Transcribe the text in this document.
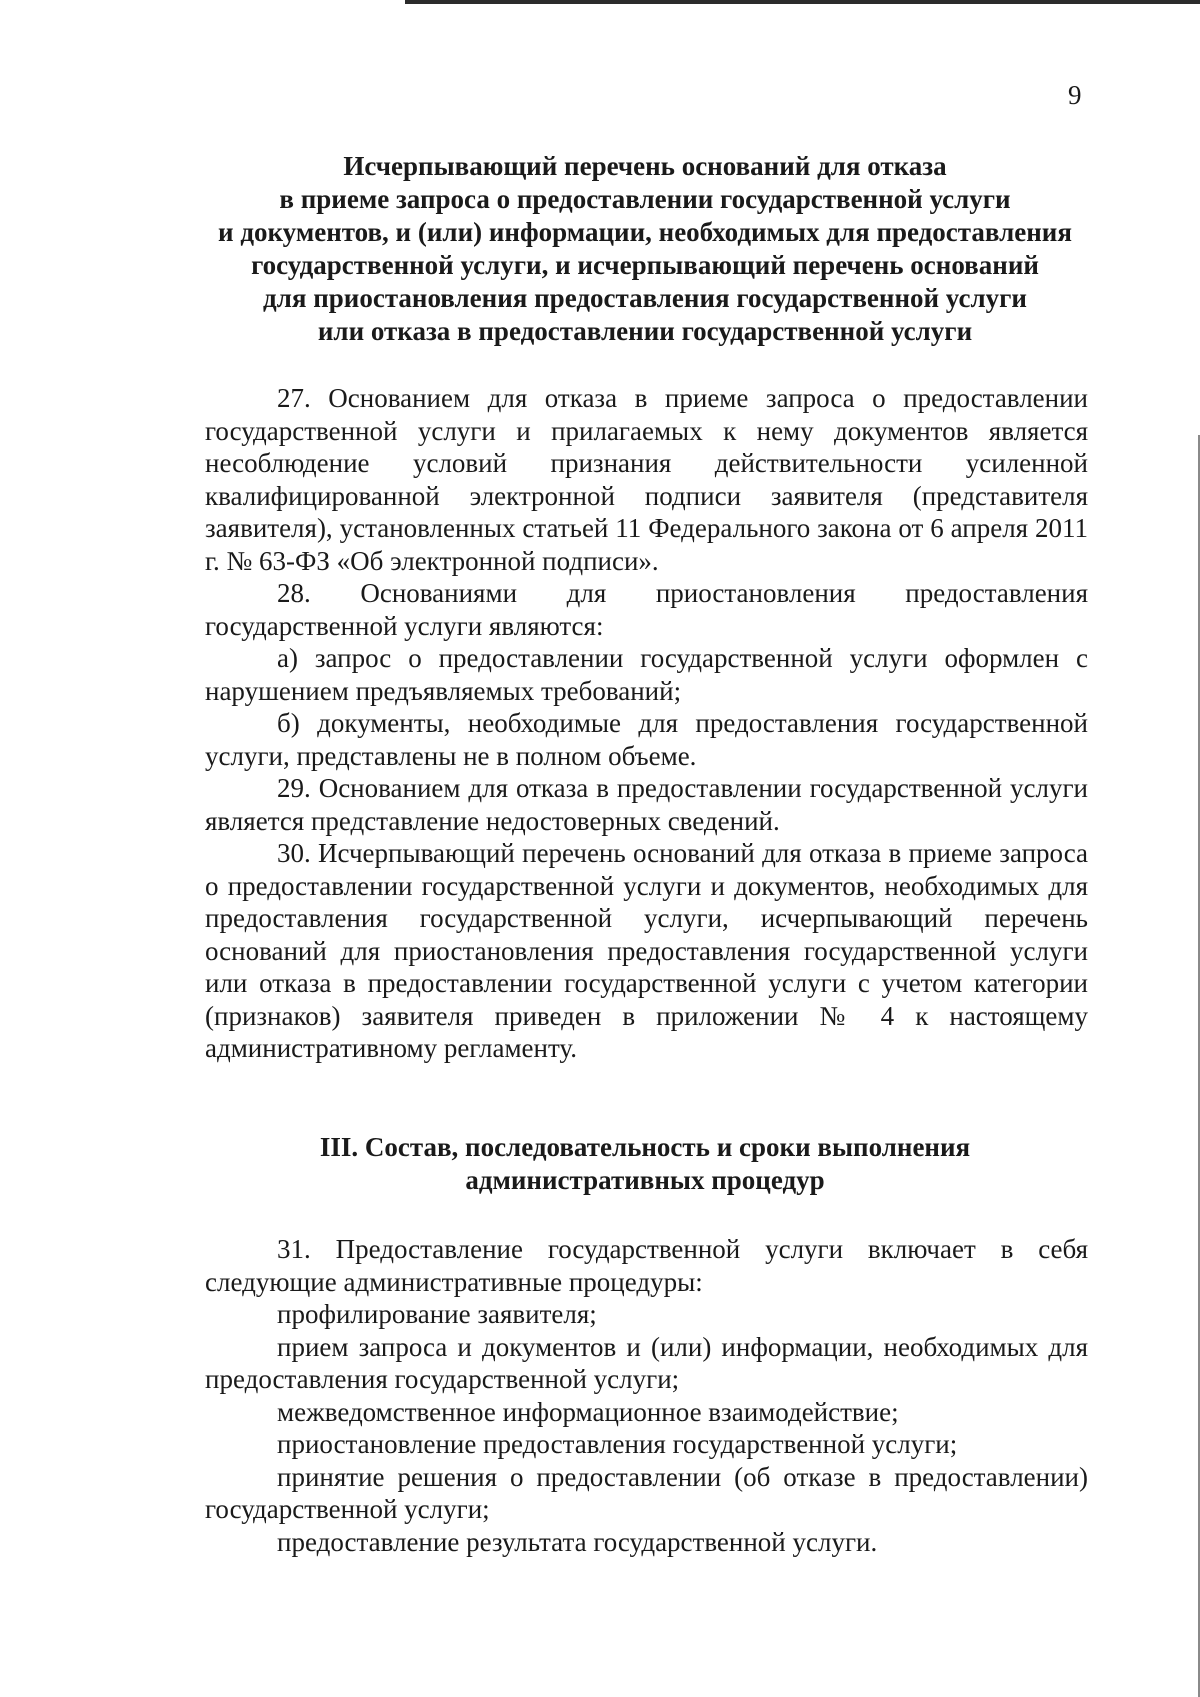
9
Исчерпывающий перечень оснований для отказа
в приеме запроса о предоставлении государственной услуги
и документов, и (или) информации, необходимых для предоставления
государственной услуги, и исчерпывающий перечень оснований
для приостановления предоставления государственной услуги
или отказа в предоставлении государственной услуги

27. Основанием для отказа в приеме запроса о предоставлении государственной услуги и прилагаемых к нему документов является несоблюдение условий признания действительности усиленной квалифицированной электронной подписи заявителя (представителя заявителя), установленных статьей 11 Федерального закона от 6 апреля 2011 г. № 63-ФЗ «Об электронной подписи».

28. Основаниями для приостановления предоставления государственной услуги являются:

а) запрос о предоставлении государственной услуги оформлен с нарушением предъявляемых требований;

б) документы, необходимые для предоставления государственной услуги, представлены не в полном объеме.

29. Основанием для отказа в предоставлении государственной услуги является представление недостоверных сведений.

30. Исчерпывающий перечень оснований для отказа в приеме запроса о предоставлении государственной услуги и документов, необходимых для предоставления государственной услуги, исчерпывающий перечень оснований для приостановления предоставления государственной услуги или отказа в предоставлении государственной услуги с учетом категории (признаков) заявителя приведен в приложении № 4 к настоящему административному регламенту.

III. Состав, последовательность и сроки выполнения
административных процедур

31. Предоставление государственной услуги включает в себя следующие административные процедуры:

профилирование заявителя;

прием запроса и документов и (или) информации, необходимых для предоставления государственной услуги;

межведомственное информационное взаимодействие;

приостановление предоставления государственной услуги;

принятие решения о предоставлении (об отказе в предоставлении) государственной услуги;

предоставление результата государственной услуги.
